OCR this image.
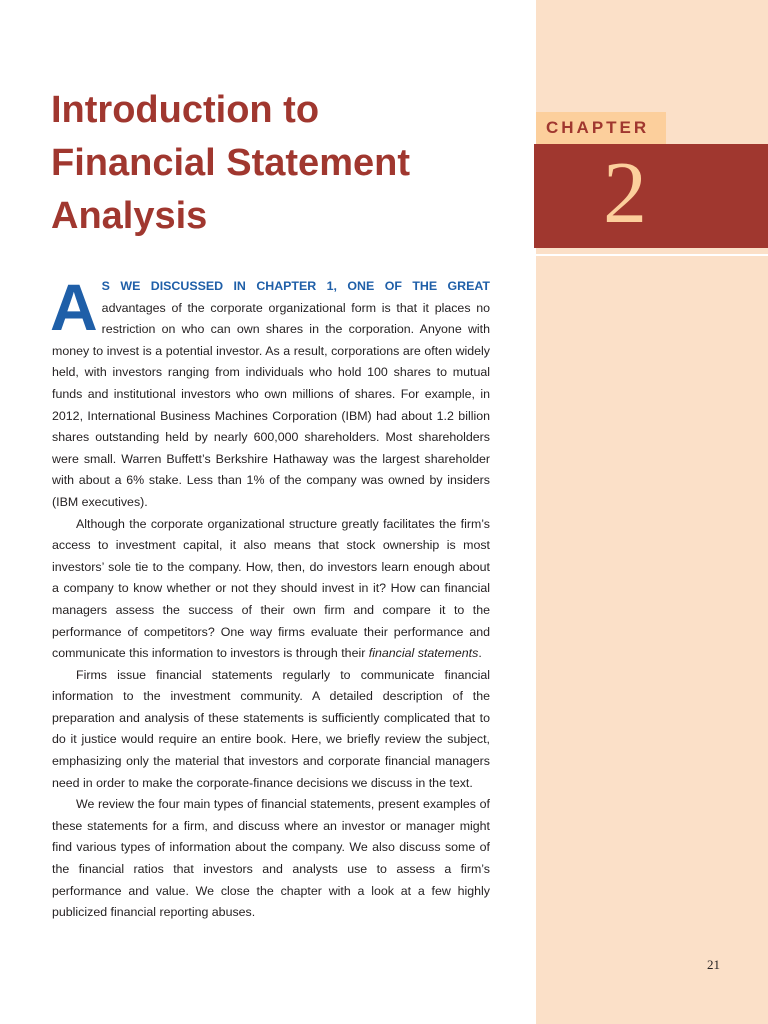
CHAPTER
2
Introduction to
Financial Statement
Analysis

A S WE DISCUSSED IN CHAPTER 1, ONE OF THE GREAT advantages of the corporate organizational form is that it places no restriction on who can own shares in the corporation. Anyone with money to invest is a potential investor. As a result, corporations are often widely held, with investors ranging from individuals who hold 100 shares to mutual funds and institutional investors who own millions of shares. For example, in 2012, International Business Machines Corporation (IBM) had about 1.2 billion shares outstanding held by nearly 600,000 shareholders. Most shareholders were small. Warren Buffett’s Berkshire Hathaway was the largest shareholder with about a 6% stake. Less than 1% of the company was owned by insiders (IBM executives).

Although the corporate organizational structure greatly facilitates the firm’s access to investment capital, it also means that stock ownership is most investors’ sole tie to the company. How, then, do investors learn enough about a company to know whether or not they should invest in it? How can financial managers assess the success of their own firm and compare it to the performance of competitors? One way firms evaluate their performance and communicate this information to investors is through their financial statements.

Firms issue financial statements regularly to communicate financial information to the investment community. A detailed description of the preparation and analysis of these statements is sufficiently complicated that to do it justice would require an entire book. Here, we briefly review the subject, emphasizing only the material that investors and corporate financial managers need in order to make the corporate-finance decisions we discuss in the text.

We review the four main types of financial statements, present examples of these statements for a firm, and discuss where an investor or manager might find various types of information about the company. We also discuss some of the financial ratios that investors and analysts use to assess a firm’s performance and value. We close the chapter with a look at a few highly publicized financial reporting abuses.

21
